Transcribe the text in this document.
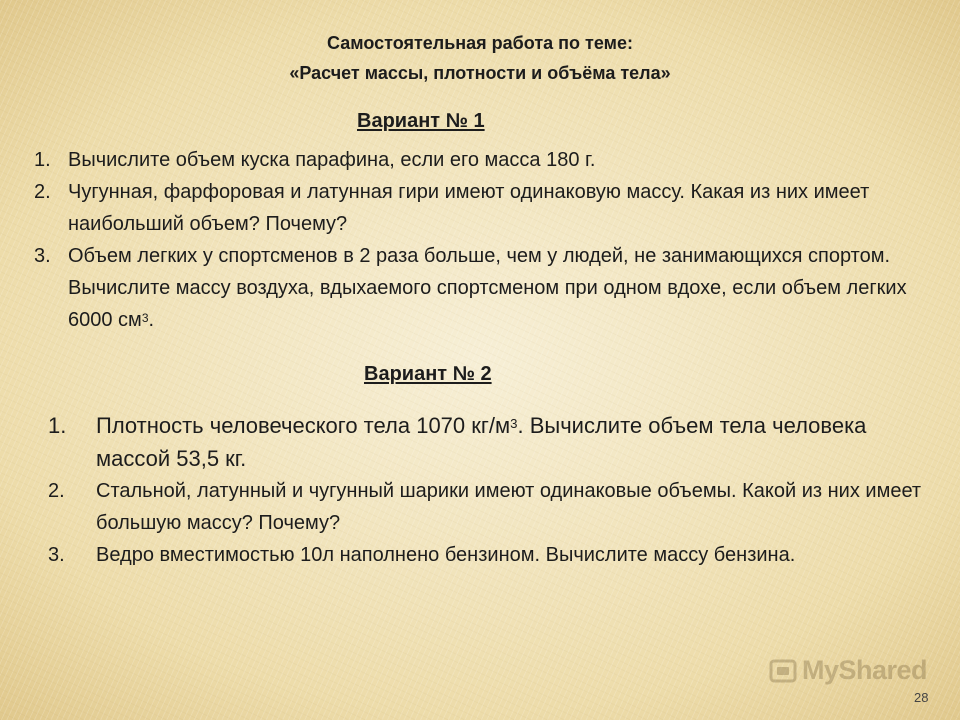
Самостоятельная работа по теме:
«Расчет массы, плотности и объёма тела»
Вариант № 1
1. Вычислите объем куска парафина, если его масса 180 г.
2. Чугунная, фарфоровая и латунная гири имеют одинаковую массу. Какая из них имеет наибольший объем? Почему?
3. Объем легких у спортсменов в 2 раза больше, чем у людей, не занимающихся спортом. Вычислите массу воздуха, вдыхаемого спортсменом при одном вдохе, если объем легких 6000 $см^3$.
Вариант № 2
1. Плотность человеческого тела 1070 $кг/м^3$. Вычислите объем тела человека массой 53,5 кг.
2. Стальной, латунный и чугунный шарики имеют одинаковые объемы. Какой из них имеет большую массу? Почему?
3. Ведро вместимостью 10л наполнено бензином. Вычислите массу бензина.
MyShared
28
